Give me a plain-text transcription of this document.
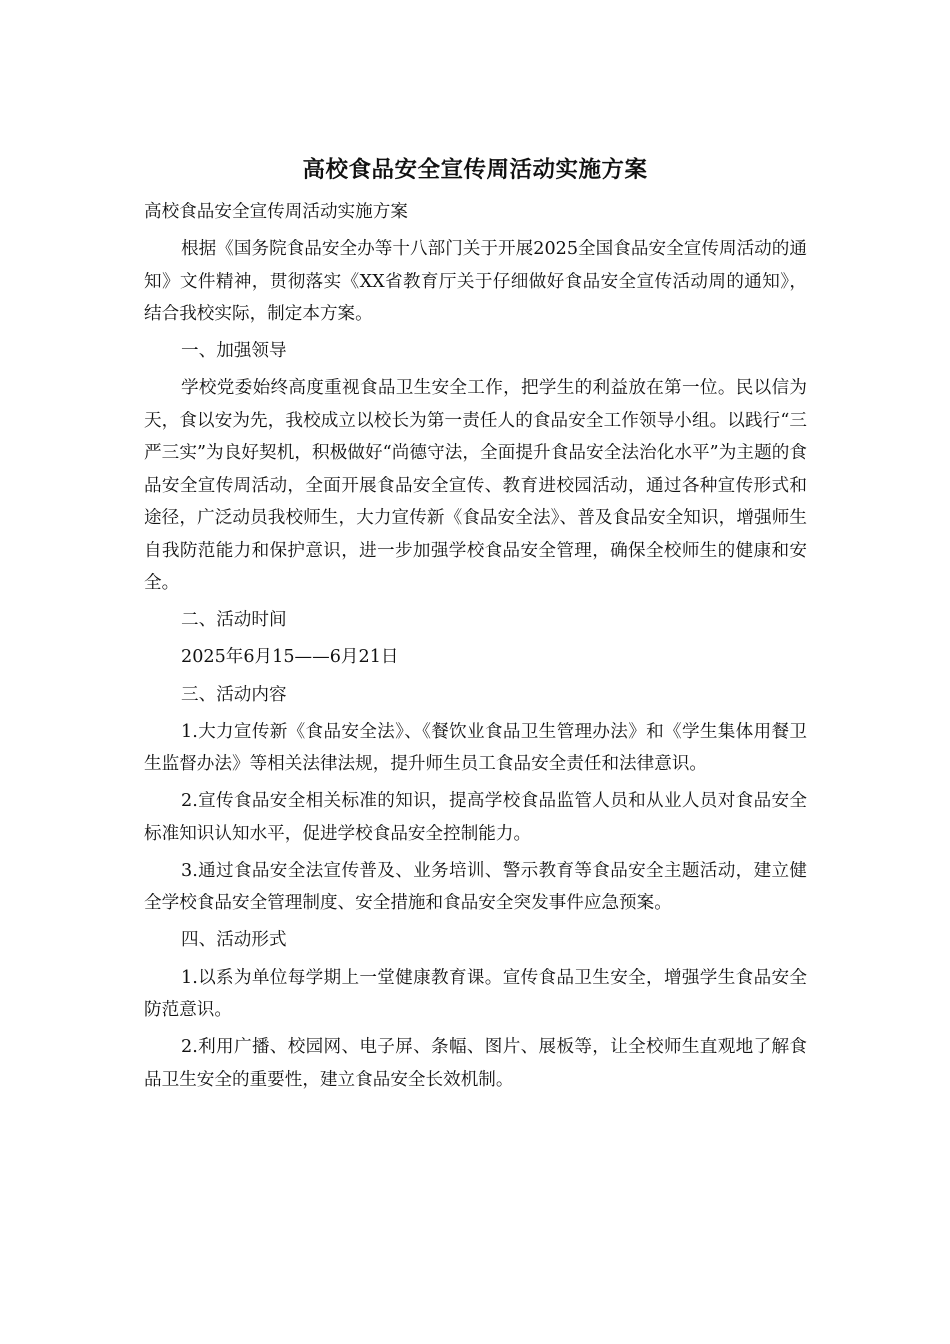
高校食品安全宣传周活动实施方案

高校食品安全宣传周活动实施方案

根据《国务院食品安全办等十八部门关于开展2025全国食品安全宣传周活动的通知》文件精神，贯彻落实《XX省教育厅关于仔细做好食品安全宣传活动周的通知》，结合我校实际，制定本方案。

一、加强领导

学校党委始终高度重视食品卫生安全工作，把学生的利益放在第一位。民以信为天，食以安为先，我校成立以校长为第一责任人的食品安全工作领导小组。以践行“三严三实”为良好契机，积极做好“尚德守法，全面提升食品安全法治化水平”为主题的食品安全宣传周活动，全面开展食品安全宣传、教育进校园活动，通过各种宣传形式和途径，广泛动员我校师生，大力宣传新《食品安全法》、普及食品安全知识，增强师生自我防范能力和保护意识，进一步加强学校食品安全管理，确保全校师生的健康和安全。

二、活动时间

2025年6月15——6月21日

三、活动内容

1.大力宣传新《食品安全法》、《餐饮业食品卫生管理办法》和《学生集体用餐卫生监督办法》等相关法律法规，提升师生员工食品安全责任和法律意识。

2.宣传食品安全相关标准的知识，提高学校食品监管人员和从业人员对食品安全标准知识认知水平，促进学校食品安全控制能力。

3.通过食品安全法宣传普及、业务培训、警示教育等食品安全主题活动，建立健全学校食品安全管理制度、安全措施和食品安全突发事件应急预案。

四、活动形式

1.以系为单位每学期上一堂健康教育课。宣传食品卫生安全，增强学生食品安全防范意识。

2.利用广播、校园网、电子屏、条幅、图片、展板等，让全校师生直观地了解食品卫生安全的重要性，建立食品安全长效机制。
